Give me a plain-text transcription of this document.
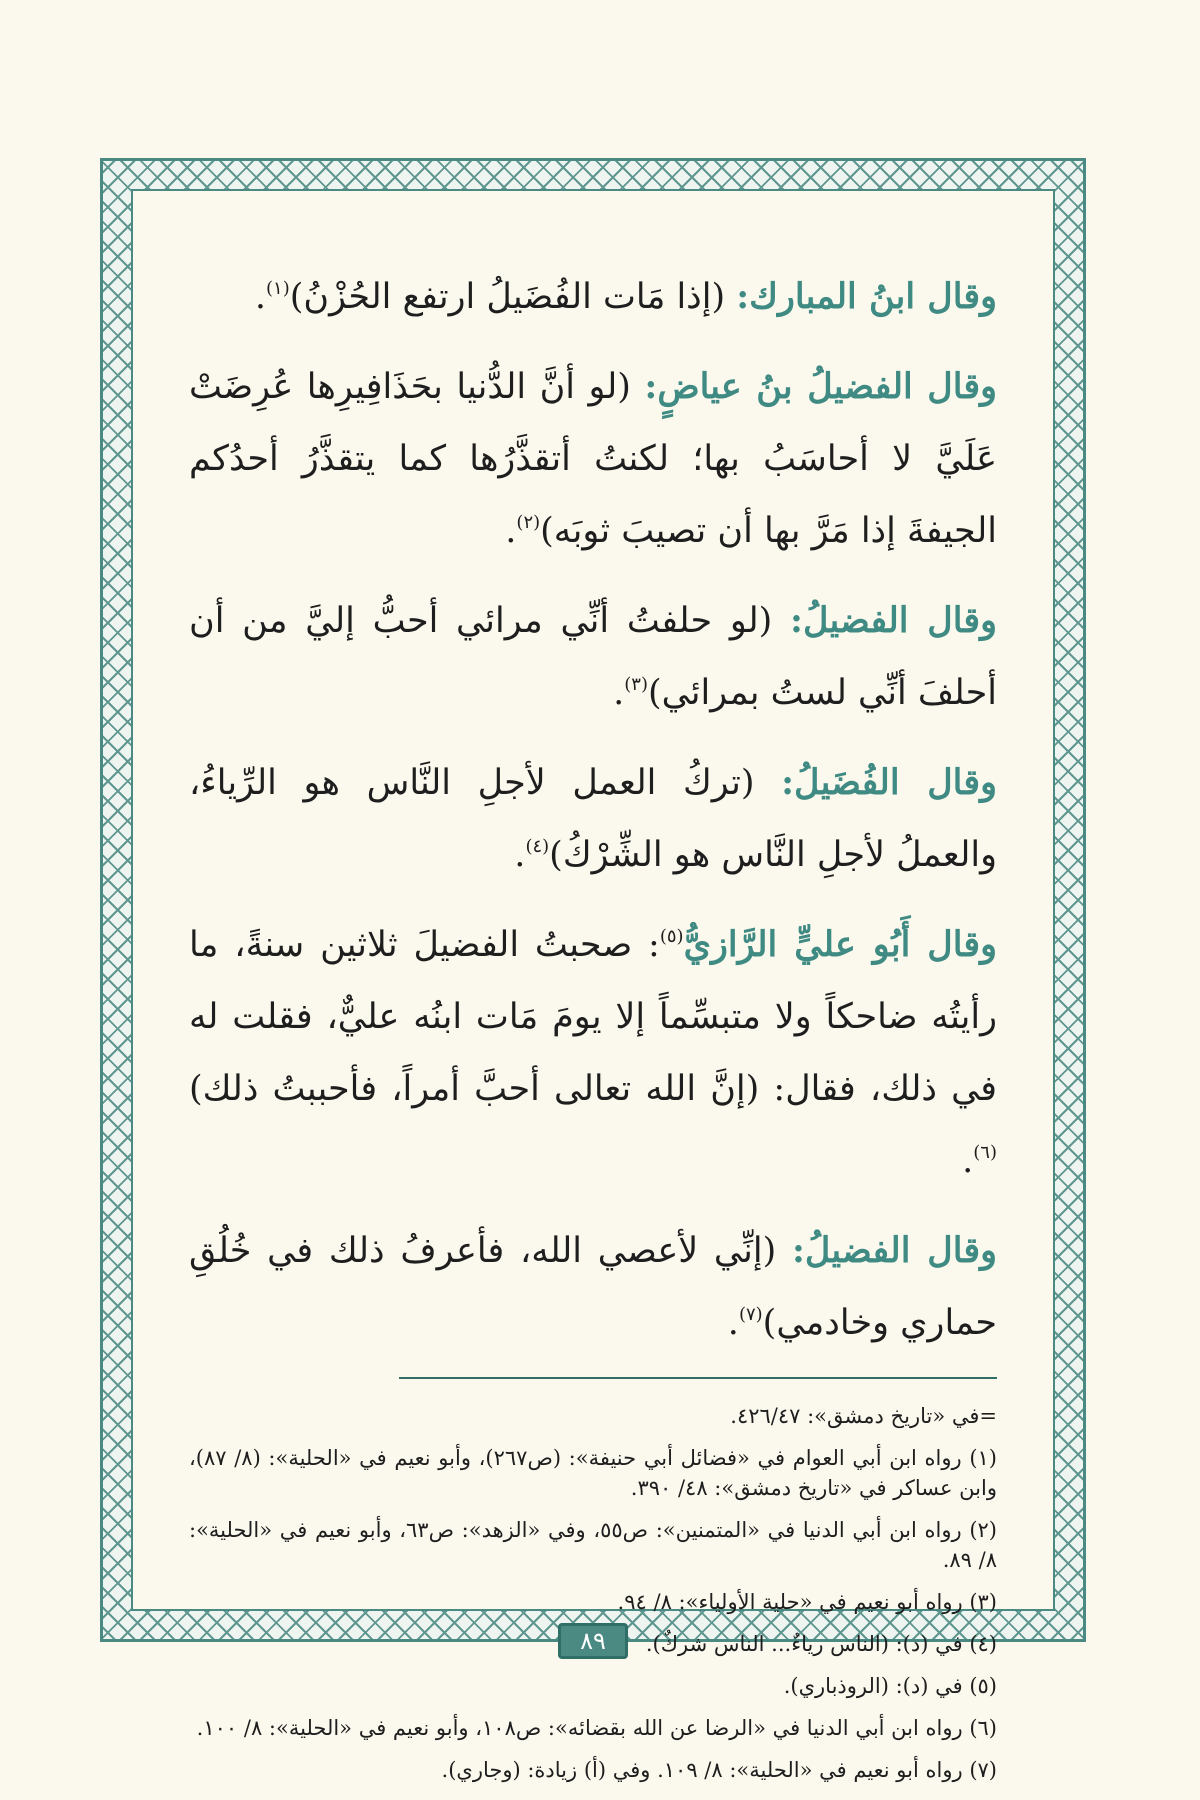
وقال ابنُ المبارك: (إذا مَات الفُضَيلُ ارتفع الحُزْنُ)$^{(١)}$.

وقال الفضيلُ بنُ عياضٍ: (لو أنَّ الدُّنيا بحَذَافِيرِها عُرِضَتْ عَلَيَّ لا أحاسَبُ بها؛ لكنتُ أتقذَّرُها كما يتقذَّرُ أحدُكم الجيفةَ إذا مَرَّ بها أن تصيبَ ثوبَه)$^{(٢)}$.

وقال الفضيلُ: (لو حلفتُ أنِّي مرائي أحبُّ إليَّ من أن أحلفَ أنِّي لستُ بمرائي)$^{(٣)}$.

وقال الفُضَيلُ: (تركُ العمل لأجلِ النَّاس هو الرِّياءُ، والعملُ لأجلِ النَّاس هو الشِّرْكُ)$^{(٤)}$.

وقال أَبُو عليٍّ الرَّازيُّ$^{(٥)}$: صحبتُ الفضيلَ ثلاثين سنةً، ما رأيتُه ضاحكاً ولا متبسِّماً إلا يومَ مَات ابنُه عليٌّ، فقلت له في ذلك، فقال: (إنَّ الله تعالى أحبَّ أمراً، فأحببتُ ذلك)$^{(٦)}$.

وقال الفضيلُ: (إنِّي لأعصي الله، فأعرفُ ذلك في خُلُقِ حماري وخادمي)$^{(٧)}$.

=في «تاريخ دمشق»: ٤٢٦/٤٧.

(١) رواه ابن أبي العوام في «فضائل أبي حنيفة»: (ص٢٦٧)، وأبو نعيم في «الحلية»: (٨/ ٨٧)، وابن عساكر في «تاريخ دمشق»: ٤٨/ ٣٩٠.

(٢) رواه ابن أبي الدنيا في «المتمنين»: ص٥٥، وفي «الزهد»: ص٦٣، وأبو نعيم في «الحلية»: ٨/ ٨٩.

(٣) رواه أبو نعيم في «حلية الأولياء»: ٨/ ٩٤.

(٤) في (د): (الناس رياءٌ... الناس شركٌ).

(٥) في (د): (الروذباري).

(٦) رواه ابن أبي الدنيا في «الرضا عن الله بقضائه»: ص١٠٨، وأبو نعيم في «الحلية»: ٨/ ١٠٠.

(٧) رواه أبو نعيم في «الحلية»: ٨/ ١٠٩. وفي (أ) زيادة: (وجاري).

٨٩
